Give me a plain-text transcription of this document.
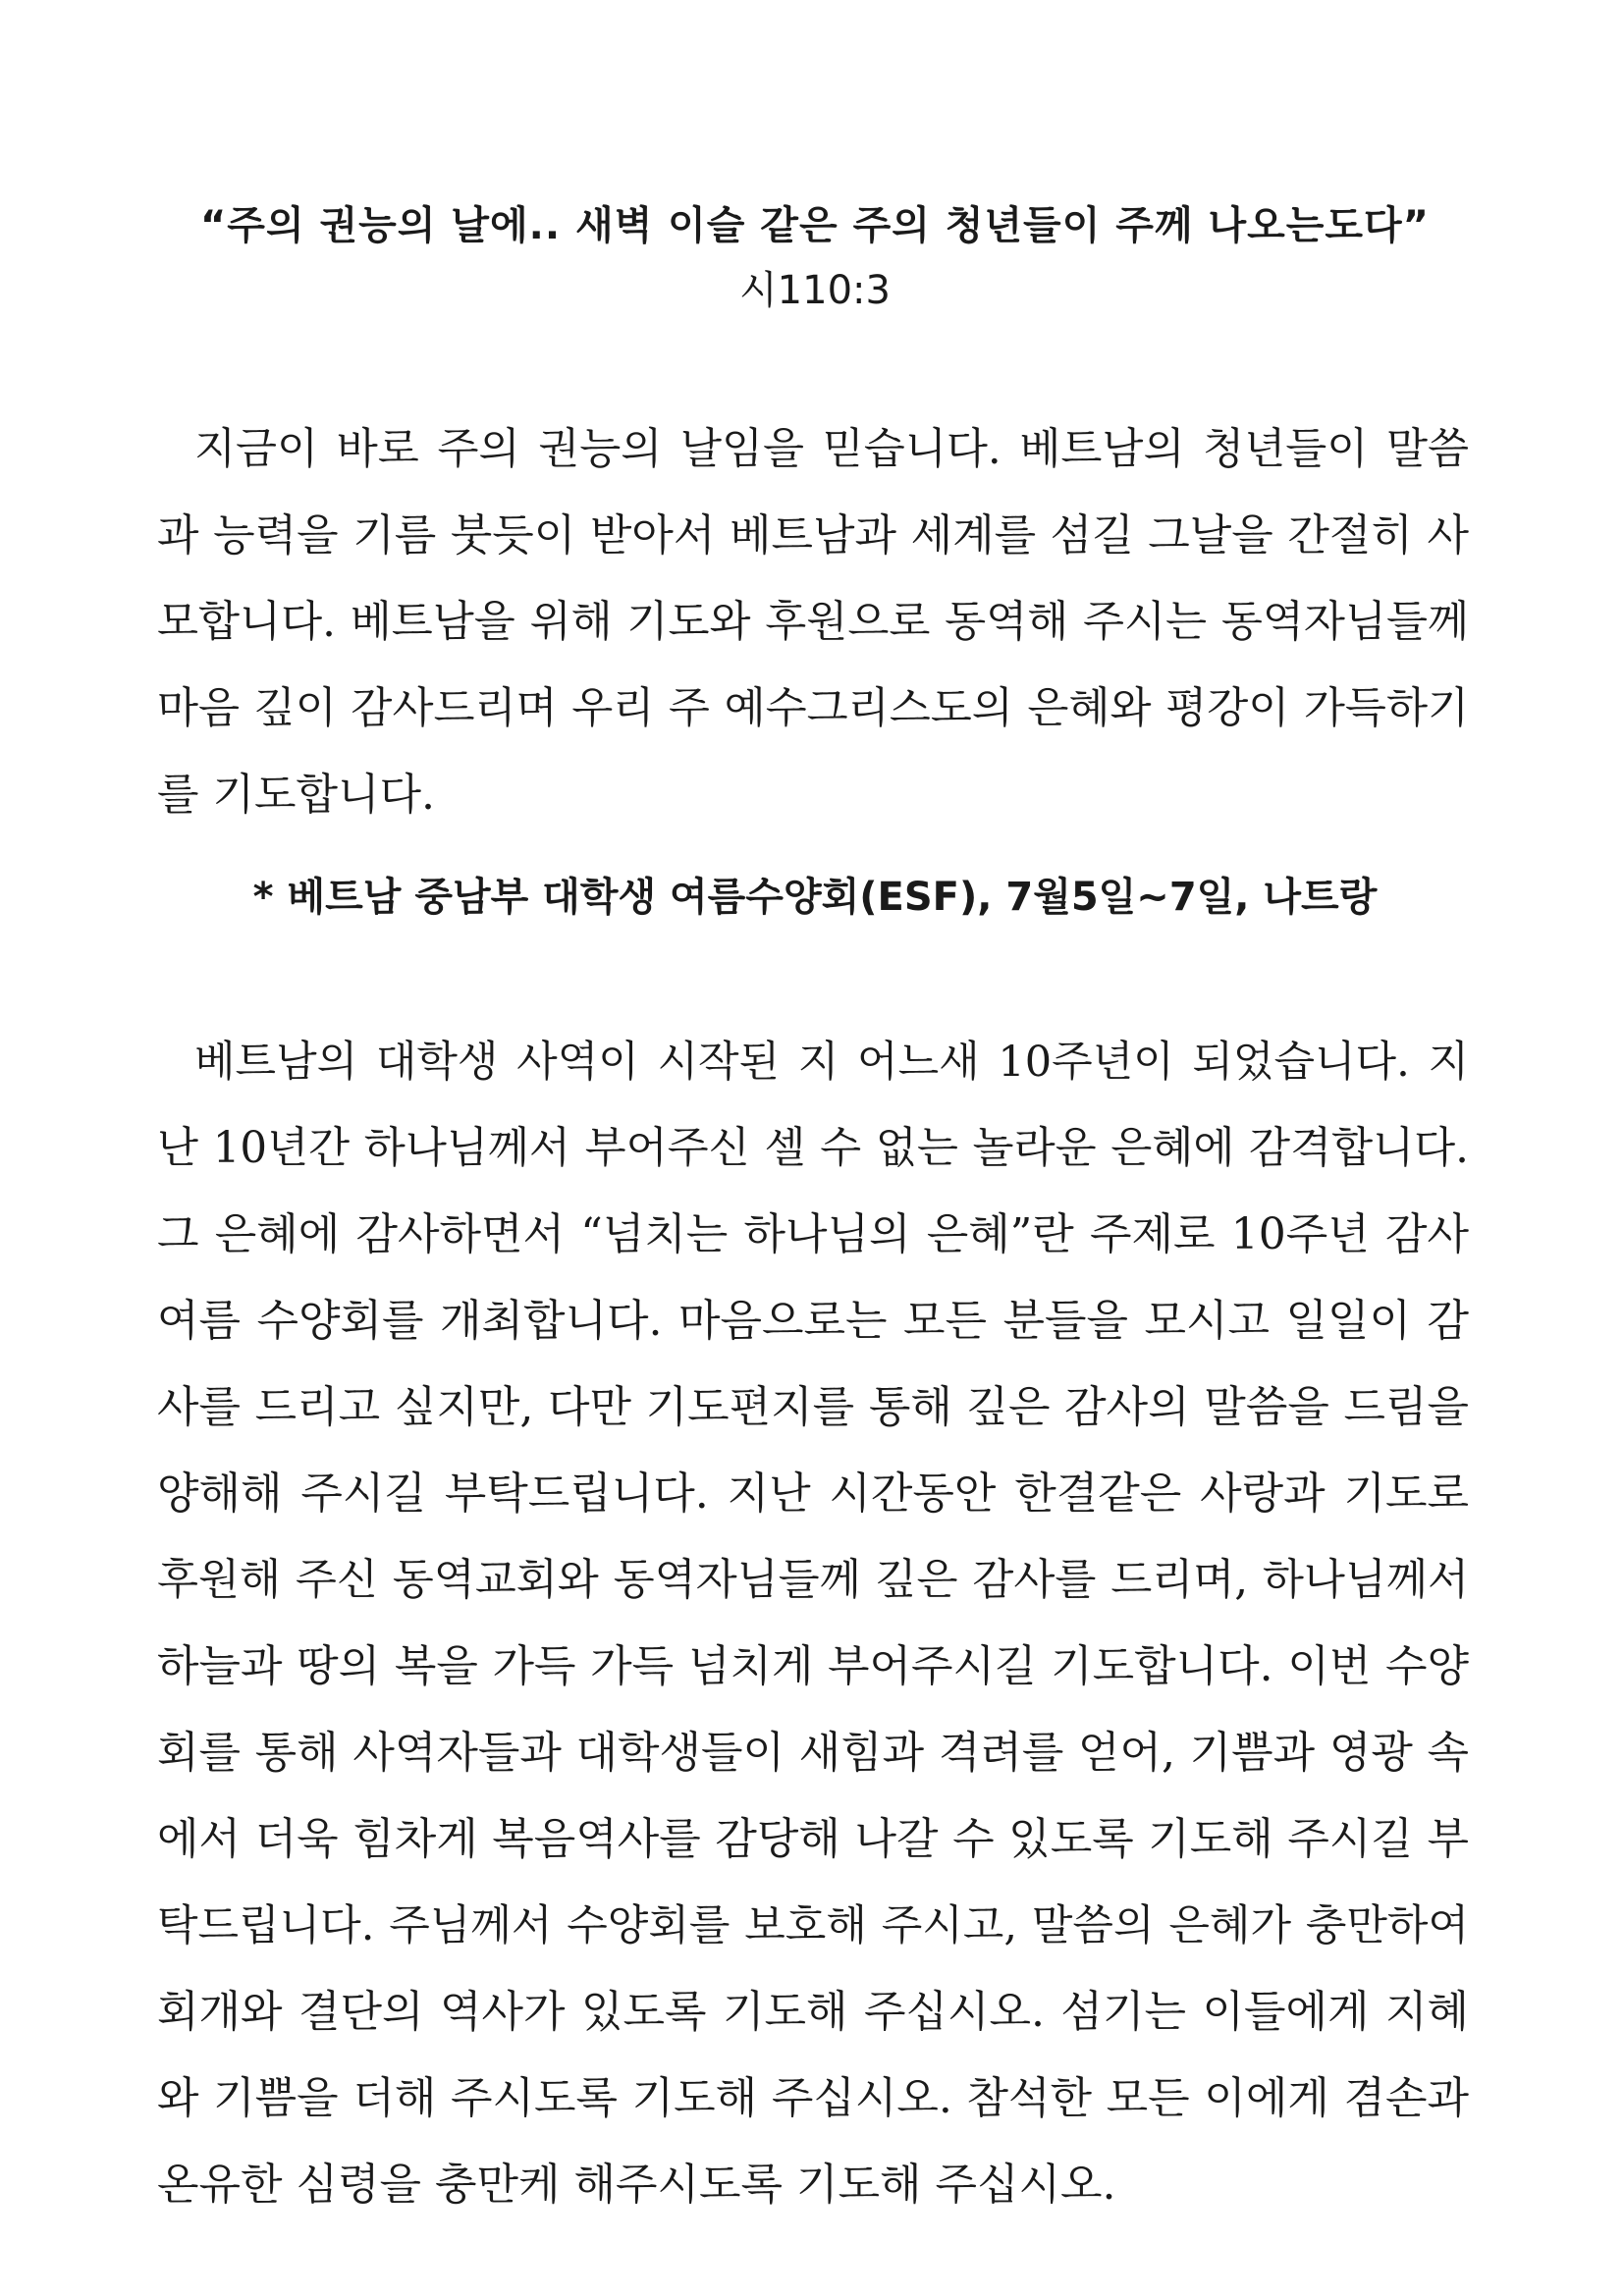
“주의 권능의 날에.. 새벽 이슬 같은 주의 청년들이 주께 나오는도다”
시110:3
지금이 바로 주의 권능의 날임을 믿습니다. 베트남의 청년들이 말씀
과 능력을 기름 붓듯이 받아서 베트남과 세계를 섬길 그날을 간절히 사
모합니다. 베트남을 위해 기도와 후원으로 동역해 주시는 동역자님들께
마음 깊이 감사드리며 우리 주 예수그리스도의 은혜와 평강이 가득하기
를 기도합니다.
* 베트남 중남부 대학생 여름수양회(ESF), 7월5일~7일, 나트랑
베트남의 대학생 사역이 시작된 지 어느새 10주년이 되었습니다. 지
난 10년간 하나님께서 부어주신 셀 수 없는 놀라운 은혜에 감격합니다.
그 은혜에 감사하면서 “넘치는 하나님의 은혜”란 주제로 10주년 감사
여름 수양회를 개최합니다. 마음으로는 모든 분들을 모시고 일일이 감
사를 드리고 싶지만, 다만 기도편지를 통해 깊은 감사의 말씀을 드림을
양해해 주시길 부탁드립니다. 지난 시간동안 한결같은 사랑과 기도로
후원해 주신 동역교회와 동역자님들께 깊은 감사를 드리며, 하나님께서
하늘과 땅의 복을 가득 가득 넘치게 부어주시길 기도합니다. 이번 수양
회를 통해 사역자들과 대학생들이 새힘과 격려를 얻어, 기쁨과 영광 속
에서 더욱 힘차게 복음역사를 감당해 나갈 수 있도록 기도해 주시길 부
탁드립니다. 주님께서 수양회를 보호해 주시고, 말씀의 은혜가 충만하여
회개와 결단의 역사가 있도록 기도해 주십시오. 섬기는 이들에게 지혜
와 기쁨을 더해 주시도록 기도해 주십시오. 참석한 모든 이에게 겸손과
온유한 심령을 충만케 해주시도록 기도해 주십시오.
